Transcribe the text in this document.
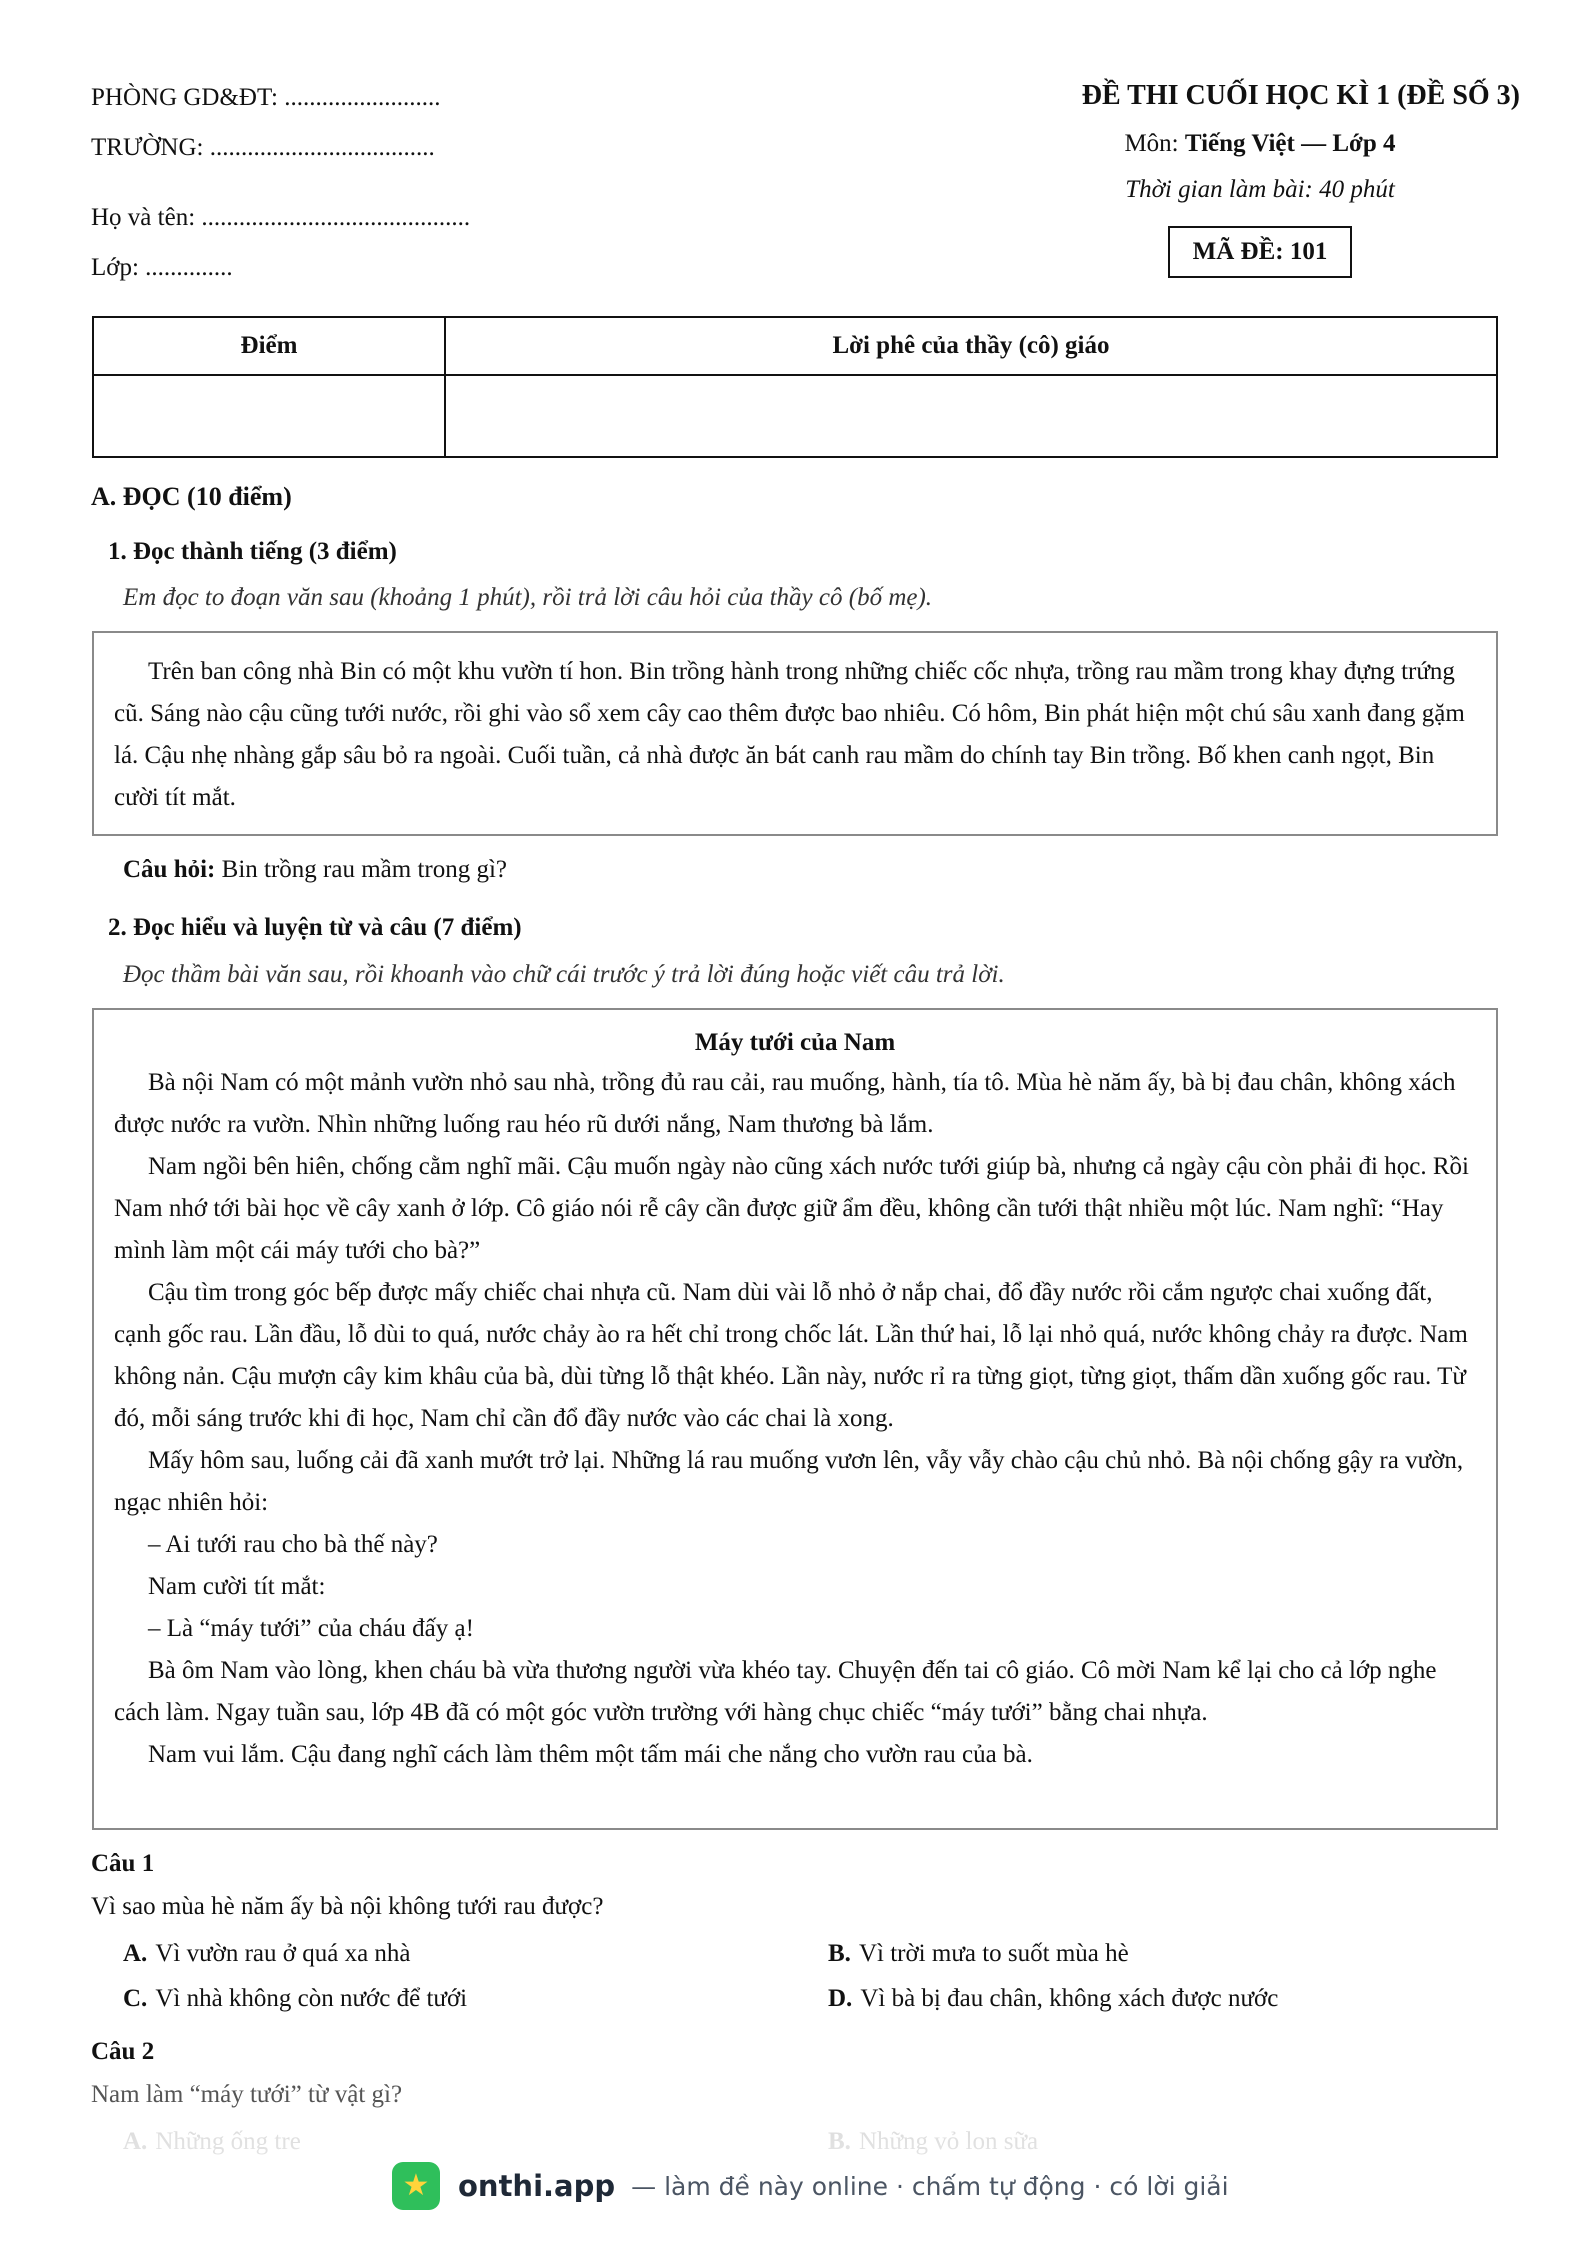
PHÒNG GD&ĐT: .........................
TRƯỜNG: ....................................
Họ và tên: ...........................................
Lớp: ..............
ĐỀ THI CUỐI HỌC KÌ 1 (ĐỀ SỐ 3)
Môn: Tiếng Việt — Lớp 4
Thời gian làm bài: 40 phút
MÃ ĐỀ: 101
Điểm	Lời phê của thầy (cô) giáo

A. ĐỌC (10 điểm)
1. Đọc thành tiếng (3 điểm)
Em đọc to đoạn văn sau (khoảng 1 phút), rồi trả lời câu hỏi của thầy cô (bố mẹ).

Trên ban công nhà Bin có một khu vườn tí hon. Bin trồng hành trong những chiếc cốc nhựa, trồng rau mầm trong khay đựng trứng cũ. Sáng nào cậu cũng tưới nước, rồi ghi vào sổ xem cây cao thêm được bao nhiêu. Có hôm, Bin phát hiện một chú sâu xanh đang gặm lá. Cậu nhẹ nhàng gắp sâu bỏ ra ngoài. Cuối tuần, cả nhà được ăn bát canh rau mầm do chính tay Bin trồng. Bố khen canh ngọt, Bin cười tít mắt.

Câu hỏi: Bin trồng rau mầm trong gì?
2. Đọc hiểu và luyện từ và câu (7 điểm)
Đọc thầm bài văn sau, rồi khoanh vào chữ cái trước ý trả lời đúng hoặc viết câu trả lời.
Máy tưới của Nam

Bà nội Nam có một mảnh vườn nhỏ sau nhà, trồng đủ rau cải, rau muống, hành, tía tô. Mùa hè năm ấy, bà bị đau chân, không xách được nước ra vườn. Nhìn những luống rau héo rũ dưới nắng, Nam thương bà lắm.

Nam ngồi bên hiên, chống cằm nghĩ mãi. Cậu muốn ngày nào cũng xách nước tưới giúp bà, nhưng cả ngày cậu còn phải đi học. Rồi Nam nhớ tới bài học về cây xanh ở lớp. Cô giáo nói rễ cây cần được giữ ẩm đều, không cần tưới thật nhiều một lúc. Nam nghĩ: “Hay mình làm một cái máy tưới cho bà?”

Cậu tìm trong góc bếp được mấy chiếc chai nhựa cũ. Nam dùi vài lỗ nhỏ ở nắp chai, đổ đầy nước rồi cắm ngược chai xuống đất, cạnh gốc rau. Lần đầu, lỗ dùi to quá, nước chảy ào ra hết chỉ trong chốc lát. Lần thứ hai, lỗ lại nhỏ quá, nước không chảy ra được. Nam không nản. Cậu mượn cây kim khâu của bà, dùi từng lỗ thật khéo. Lần này, nước rỉ ra từng giọt, từng giọt, thấm dần xuống gốc rau. Từ đó, mỗi sáng trước khi đi học, Nam chỉ cần đổ đầy nước vào các chai là xong.

Mấy hôm sau, luống cải đã xanh mướt trở lại. Những lá rau muống vươn lên, vẫy vẫy chào cậu chủ nhỏ. Bà nội chống gậy ra vườn, ngạc nhiên hỏi:

– Ai tưới rau cho bà thế này?

Nam cười tít mắt:

– Là “máy tưới” của cháu đấy ạ!

Bà ôm Nam vào lòng, khen cháu bà vừa thương người vừa khéo tay. Chuyện đến tai cô giáo. Cô mời Nam kể lại cho cả lớp nghe cách làm. Ngay tuần sau, lớp 4B đã có một góc vườn trường với hàng chục chiếc “máy tưới” bằng chai nhựa.

Nam vui lắm. Cậu đang nghĩ cách làm thêm một tấm mái che nắng cho vườn rau của bà.

Câu 1
Vì sao mùa hè năm ấy bà nội không tưới rau được?
A. Vì vườn rau ở quá xa nhà	B. Vì trời mưa to suốt mùa hè
C. Vì nhà không còn nước để tưới	D. Vì bà bị đau chân, không xách được nước
Câu 2
Nam làm “máy tưới” từ vật gì?
★ onthi.app — làm đề này online · chấm tự động · có lời giải
